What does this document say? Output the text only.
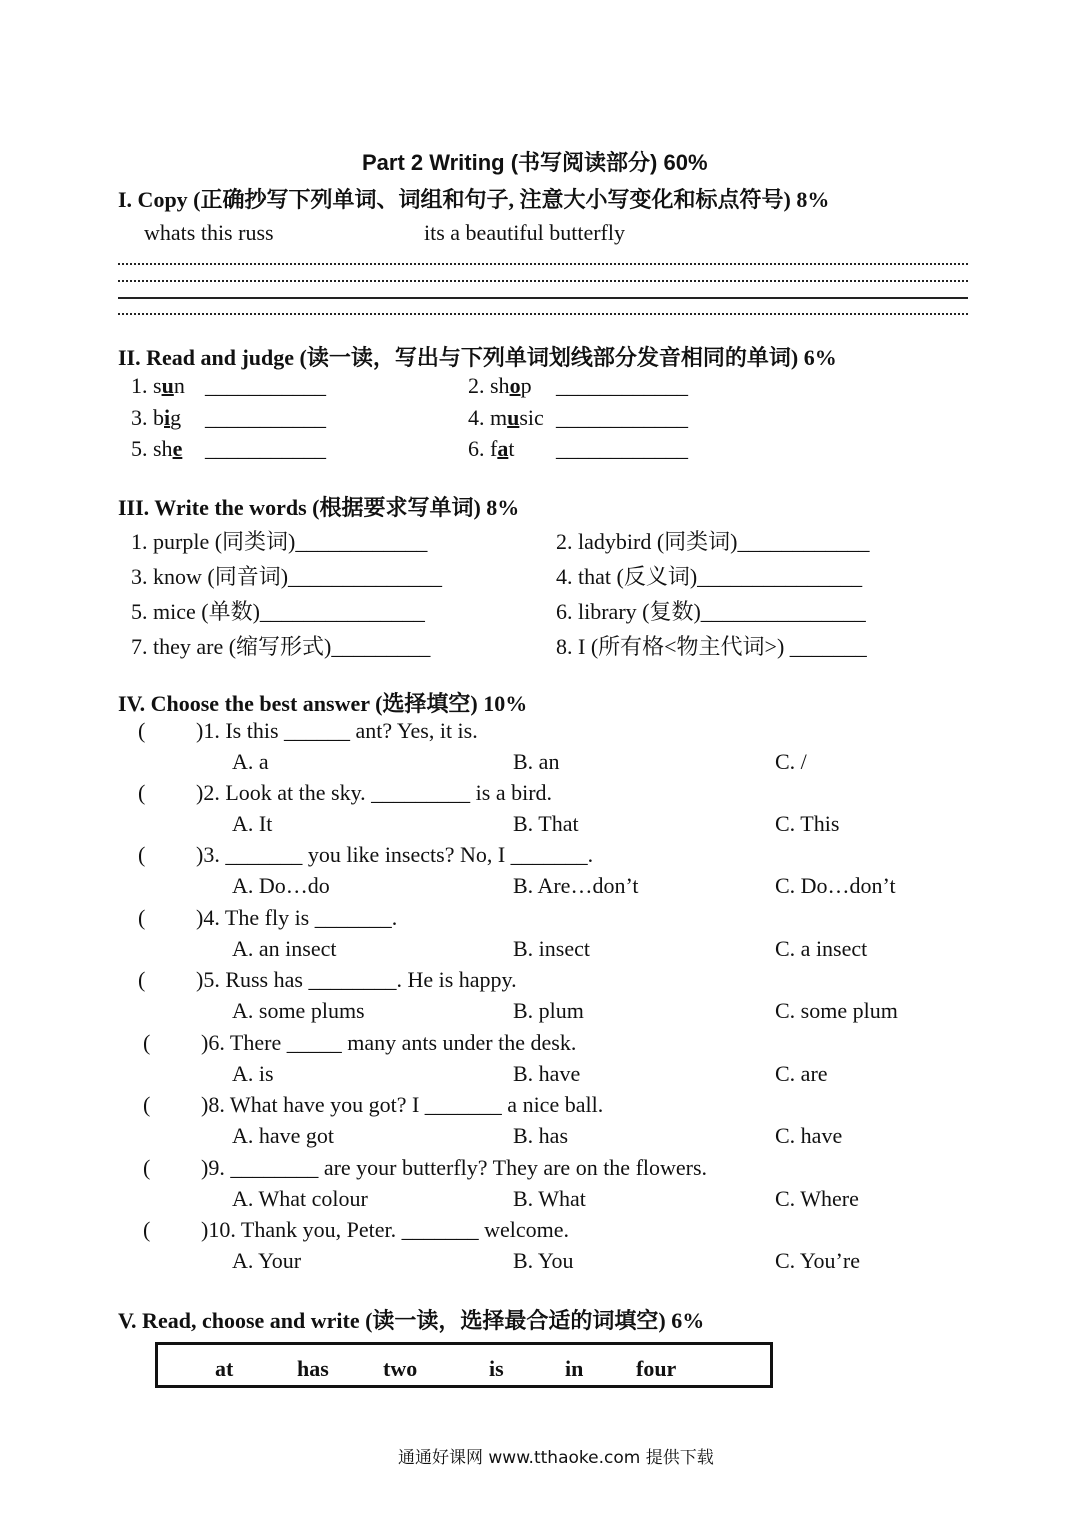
Part 2 Writing (书写阅读部分) 60%
I. Copy (正确抄写下列单词、词组和句子, 注意大小写变化和标点符号) 8%
whats this russ	its a beautiful butterfly
II. Read and judge (读一读，写出与下列单词划线部分发音相同的单词) 6%
1. sun ___________	2. shop ____________
3. big ___________	4. music ____________
5. she ___________	6. fat ____________
III. Write the words (根据要求写单词) 8%
1. purple (同类词)____________	2. ladybird (同类词)____________
3. know (同音词)______________	4. that (反义词)_______________
5. mice (单数)_______________	6. library (复数)_______________
7. they are (缩写形式)_________	8. I (所有格<物主代词>) _______
IV. Choose the best answer (选择填空) 10%
( )1. Is this ______ ant? Yes, it is.
A. a	B. an	C. /
( )2. Look at the sky. _________ is a bird.
A. It	B. That	C. This
( )3. _______ you like insects? No, I _______.
A. Do…do	B. Are…don’t	C. Do…don’t
( )4. The fly is _______.
A. an insect	B. insect	C. a insect
( )5. Russ has ________. He is happy.
A. some plums	B. plum	C. some plum
( )6. There _____ many ants under the desk.
A. is	B. have	C. are
( )8. What have you got? I _______ a nice ball.
A. have got	B. has	C. have
( )9. ________ are your butterfly? They are on the flowers.
A. What colour	B. What	C. Where
( )10. Thank you, Peter. _______ welcome.
A. Your	B. You	C. You’re
V. Read, choose and write (读一读，选择最合适的词填空) 6%
at	has two	is	in four
通通好课网 www.tthaoke.com 提供下载
